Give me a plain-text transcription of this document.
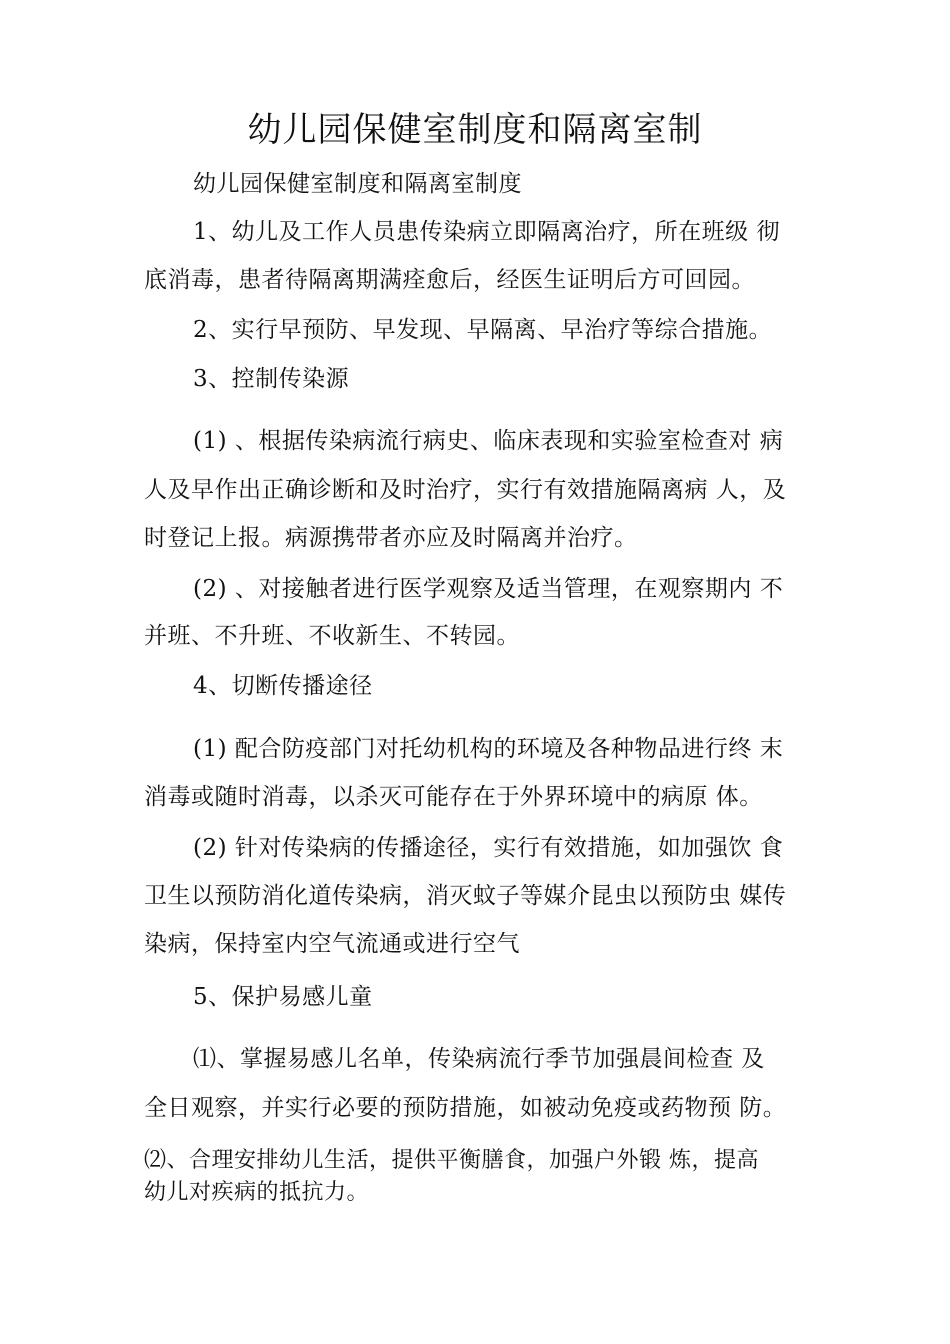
幼儿园保健室制度和隔离室制
幼儿园保健室制度和隔离室制度
1、幼儿及工作人员患传染病立即隔离治疗，所在班级 彻
底消毒，患者待隔离期满痊愈后，经医生证明后方可回园。
2、实行早预防、早发现、早隔离、早治疗等综合措施。
3、控制传染源
(1) 、根据传染病流行病史、临床表现和实验室检查对 病
人及早作出正确诊断和及时治疗，实行有效措施隔离病 人，及
时登记上报。病源携带者亦应及时隔离并治疗。
(2) 、对接触者进行医学观察及适当管理，在观察期内 不
并班、不升班、不收新生、不转园。
4、切断传播途径
(1) 配合防疫部门对托幼机构的环境及各种物品进行终 末
消毒或随时消毒，以杀灭可能存在于外界环境中的病原 体。
(2) 针对传染病的传播途径，实行有效措施，如加强饮 食
卫生以预防消化道传染病，消灭蚊子等媒介昆虫以预防虫 媒传
染病，保持室内空气流通或进行空气
5、保护易感儿童
⑴、掌握易感儿名单，传染病流行季节加强晨间检查 及
全日观察，并实行必要的预防措施，如被动免疫或药物预 防。
⑵、合理安排幼儿生活，提供平衡膳食，加强户外锻 炼，提高
幼儿对疾病的抵抗力。
